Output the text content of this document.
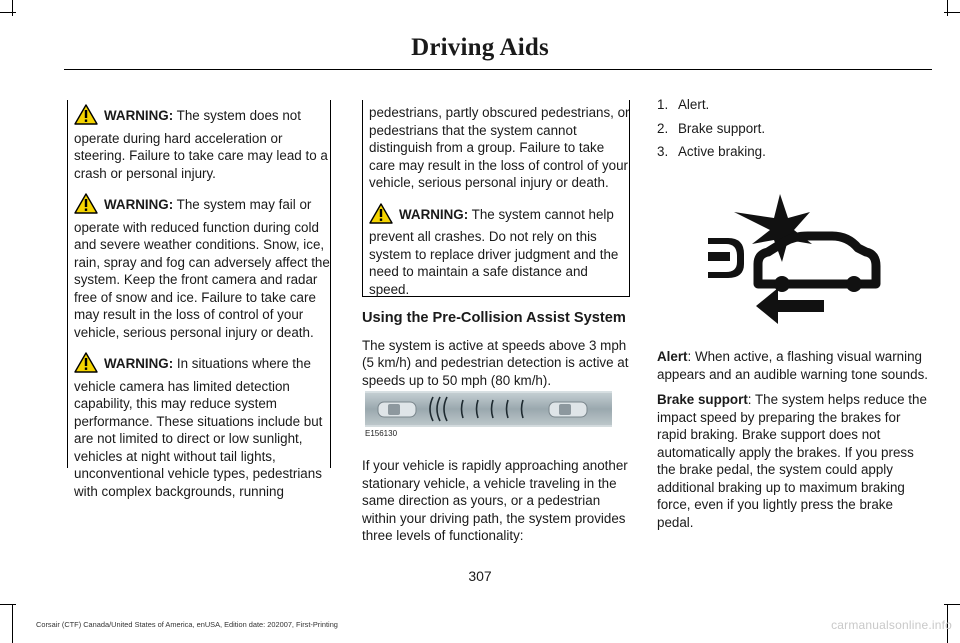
Driving Aids

WARNING: The system does not operate during hard acceleration or steering. Failure to take care may lead to a crash or personal injury.

WARNING: The system may fail or operate with reduced function during cold and severe weather conditions. Snow, ice, rain, spray and fog can adversely affect the system. Keep the front camera and radar free of snow and ice. Failure to take care may result in the loss of control of your vehicle, serious personal injury or death.

WARNING: In situations where the vehicle camera has limited detection capability, this may reduce system performance. These situations include but are not limited to direct or low sunlight, vehicles at night without tail lights, unconventional vehicle types, pedestrians with complex backgrounds, running

pedestrians, partly obscured pedestrians, or pedestrians that the system cannot distinguish from a group. Failure to take care may result in the loss of control of your vehicle, serious personal injury or death.

WARNING: The system cannot help prevent all crashes. Do not rely on this system to replace driver judgment and the need to maintain a safe distance and speed.

Using the Pre-Collision Assist System

The system is active at speeds above 3 mph (5 km/h) and pedestrian detection is active at speeds up to 50 mph (80 km/h).

E156130

If your vehicle is rapidly approaching another stationary vehicle, a vehicle traveling in the same direction as yours, or a pedestrian within your driving path, the system provides three levels of functionality:

1. Alert.
2. Brake support.
3. Active braking.

Alert: When active, a flashing visual warning appears and an audible warning tone sounds.

Brake support: The system helps reduce the impact speed by preparing the brakes for rapid braking. Brake support does not automatically apply the brakes. If you press the brake pedal, the system could apply additional braking up to maximum braking force, even if you lightly press the brake pedal.

307
Corsair (CTF) Canada/United States of America, enUSA, Edition date: 202007, First-Printing	carmanualsonline.info
